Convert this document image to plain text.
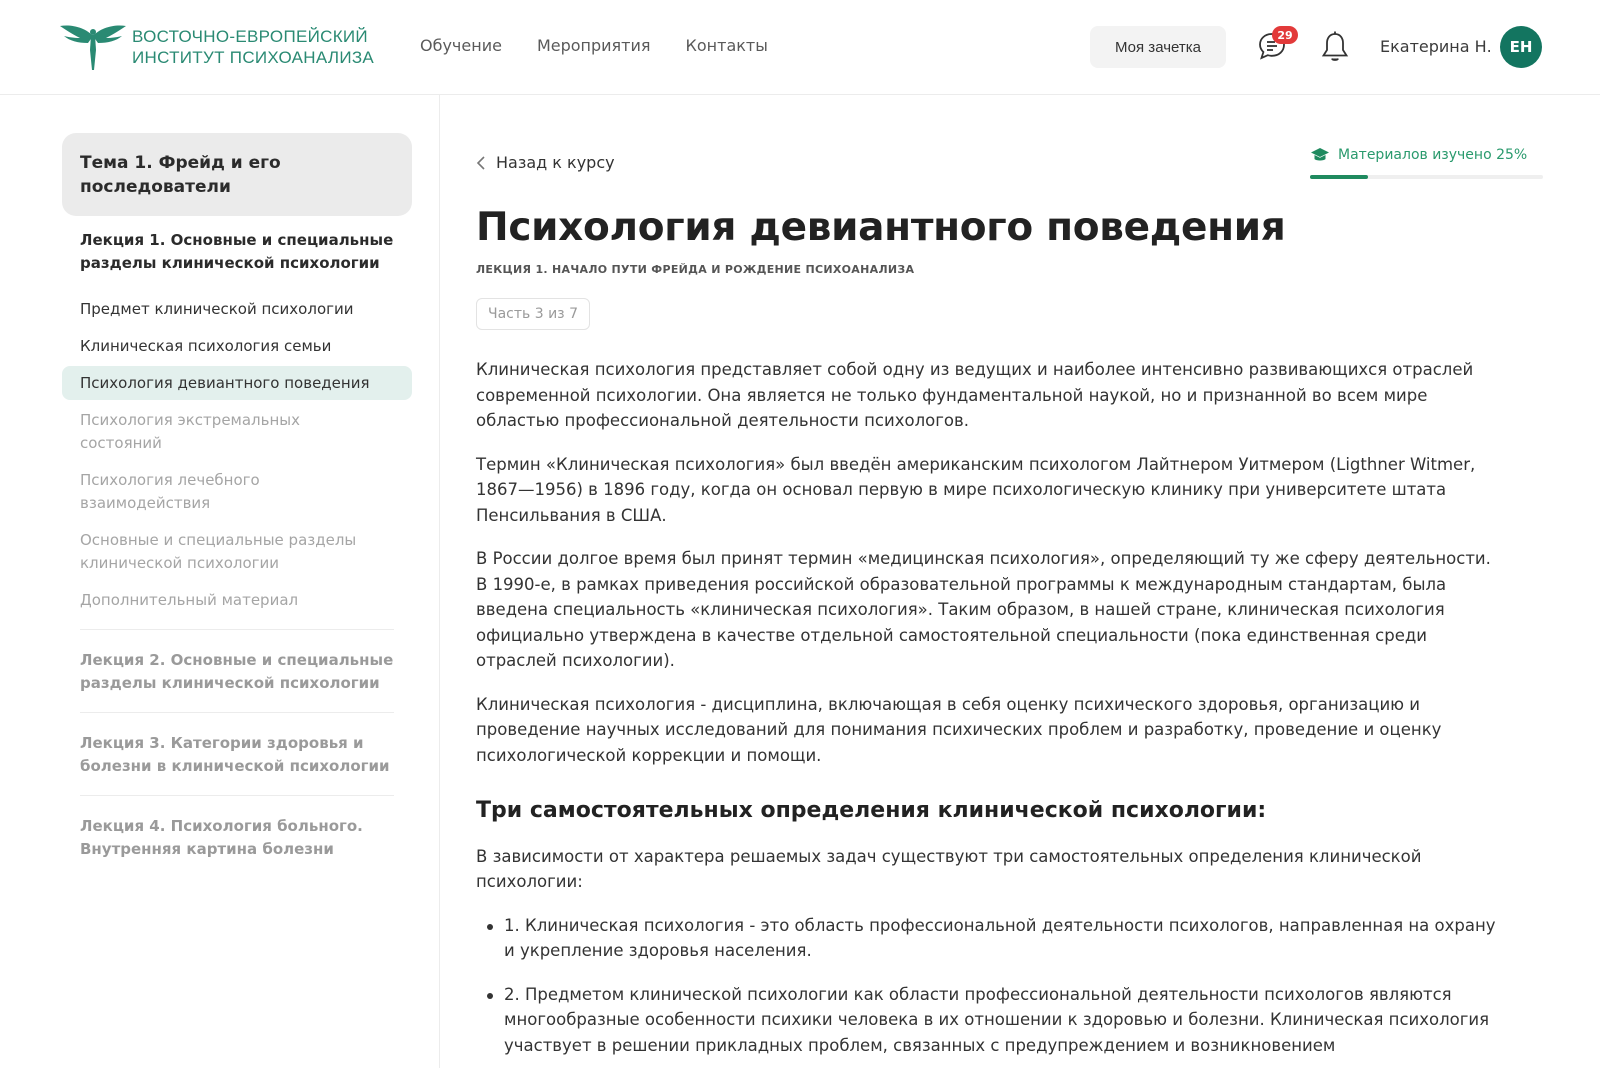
ВОСТОЧНО-ЕВРОПЕЙСКИЙ
ИНСТИТУТ ПСИХОАНАЛИЗА
Обучение Мероприятия Контакты	Моя зачетка
29
Екатерина Н.	ЕН
Тема 1. Фрейд и его последователи
Лекция 1. Основные и специальные разделы клинической психологии
Предмет клинической психологии
Клиническая психология семьи
Психология девиантного поведения
Психология экстремальных состояний
Психология лечебного взаимодействия
Основные и специальные разделы клинической психологии
Дополнительный материал
Лекция 2. Основные и специальные разделы клинической психологии
Лекция 3. Категории здоровья и болезни в клинической психологии
Лекция 4. Психология больного. Внутренняя картина болезни
Назад к курсу	Материалов изучено 25%
Психология девиантного поведения
ЛЕКЦИЯ 1. НАЧАЛО ПУТИ ФРЕЙДА И РОЖДЕНИЕ ПСИХОАНАЛИЗА
Часть 3 из 7

Клиническая психология представляет собой одну из ведущих и наиболее интенсивно развивающихся отраслей современной психологии. Она является не только фундаментальной наукой, но и признанной во всем мире областью профессиональной деятельности психологов.

Термин «Клиническая психология» был введён американским психологом Лайтнером Уитмером (Ligthner Witmer, 1867—1956) в 1896 году, когда он основал первую в мире психологическую клинику при университете штата Пенсильвания в США.

В России долгое время был принят термин «медицинская психология», определяющий ту же сферу деятельности. В 1990-е, в рамках приведения российской образовательной программы к международным стандартам, была введена специальность «клиническая психология». Таким образом, в нашей стране, клиническая психология официально утверждена в качестве отдельной самостоятельной специальности (пока единственная среди отраслей психологии).

Клиническая психология - дисциплина, включающая в себя оценку психического здоровья, организацию и проведение научных исследований для понимания психических проблем и разработку, проведение и оценку психологической коррекции и помощи.

Три самостоятельных определения клинической психологии:

В зависимости от характера решаемых задач существуют три самостоятельных определения клинической психологии:

1. Клиническая психология - это область профессиональной деятельности психологов, направленная на охрану и укрепление здоровья населения.
2. Предметом клинической психологии как области профессиональной деятельности психологов являются многообразные особенности психики человека в их отношении к здоровью и болезни. Клиническая психология участвует в решении прикладных проблем, связанных с предупреждением и возникновением
